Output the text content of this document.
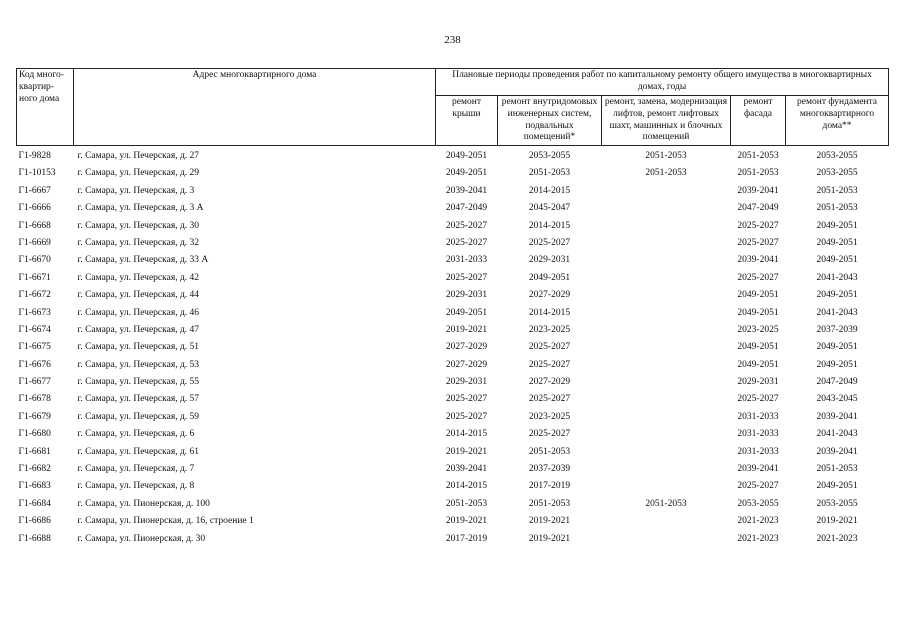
238
Код много-квартир-ного дома	Адрес многоквартирного дома	Плановые периоды проведения работ по капитальному ремонту общего имущества в многоквартирных домах, годы				
		ремонт крыши	ремонт внутридомовых инженерных систем, подвальных помещений*	ремонт, замена, модернизация лифтов, ремонт лифтовых шахт, машинных и блочных помещений	ремонт фасада	ремонт фундамента многоквартирного дома**
Г1-9828	г. Самара, ул. Печерская, д. 27	2049-2051	2053-2055	2051-2053	2051-2053	2053-2055
Г1-10153	г. Самара, ул. Печерская, д. 29	2049-2051	2051-2053	2051-2053	2051-2053	2053-2055
Г1-6667	г. Самара, ул. Печерская, д. 3	2039-2041	2014-2015		2039-2041	2051-2053
Г1-6666	г. Самара, ул. Печерская, д. 3 А	2047-2049	2045-2047		2047-2049	2051-2053
Г1-6668	г. Самара, ул. Печерская, д. 30	2025-2027	2014-2015		2025-2027	2049-2051
Г1-6669	г. Самара, ул. Печерская, д. 32	2025-2027	2025-2027		2025-2027	2049-2051
Г1-6670	г. Самара, ул. Печерская, д. 33 А	2031-2033	2029-2031		2039-2041	2049-2051
Г1-6671	г. Самара, ул. Печерская, д. 42	2025-2027	2049-2051		2025-2027	2041-2043
Г1-6672	г. Самара, ул. Печерская, д. 44	2029-2031	2027-2029		2049-2051	2049-2051
Г1-6673	г. Самара, ул. Печерская, д. 46	2049-2051	2014-2015		2049-2051	2041-2043
Г1-6674	г. Самара, ул. Печерская, д. 47	2019-2021	2023-2025		2023-2025	2037-2039
Г1-6675	г. Самара, ул. Печерская, д. 51	2027-2029	2025-2027		2049-2051	2049-2051
Г1-6676	г. Самара, ул. Печерская, д. 53	2027-2029	2025-2027		2049-2051	2049-2051
Г1-6677	г. Самара, ул. Печерская, д. 55	2029-2031	2027-2029		2029-2031	2047-2049
Г1-6678	г. Самара, ул. Печерская, д. 57	2025-2027	2025-2027		2025-2027	2043-2045
Г1-6679	г. Самара, ул. Печерская, д. 59	2025-2027	2023-2025		2031-2033	2039-2041
Г1-6680	г. Самара, ул. Печерская, д. 6	2014-2015	2025-2027		2031-2033	2041-2043
Г1-6681	г. Самара, ул. Печерская, д. 61	2019-2021	2051-2053		2031-2033	2039-2041
Г1-6682	г. Самара, ул. Печерская, д. 7	2039-2041	2037-2039		2039-2041	2051-2053
Г1-6683	г. Самара, ул. Печерская, д. 8	2014-2015	2017-2019		2025-2027	2049-2051
Г1-6684	г. Самара, ул. Пионерская, д. 100	2051-2053	2051-2053	2051-2053	2053-2055	2053-2055
Г1-6686	г. Самара, ул. Пионерская, д. 16, строение 1	2019-2021	2019-2021		2021-2023	2019-2021
Г1-6688	г. Самара, ул. Пионерская, д. 30	2017-2019	2019-2021		2021-2023	2021-2023
